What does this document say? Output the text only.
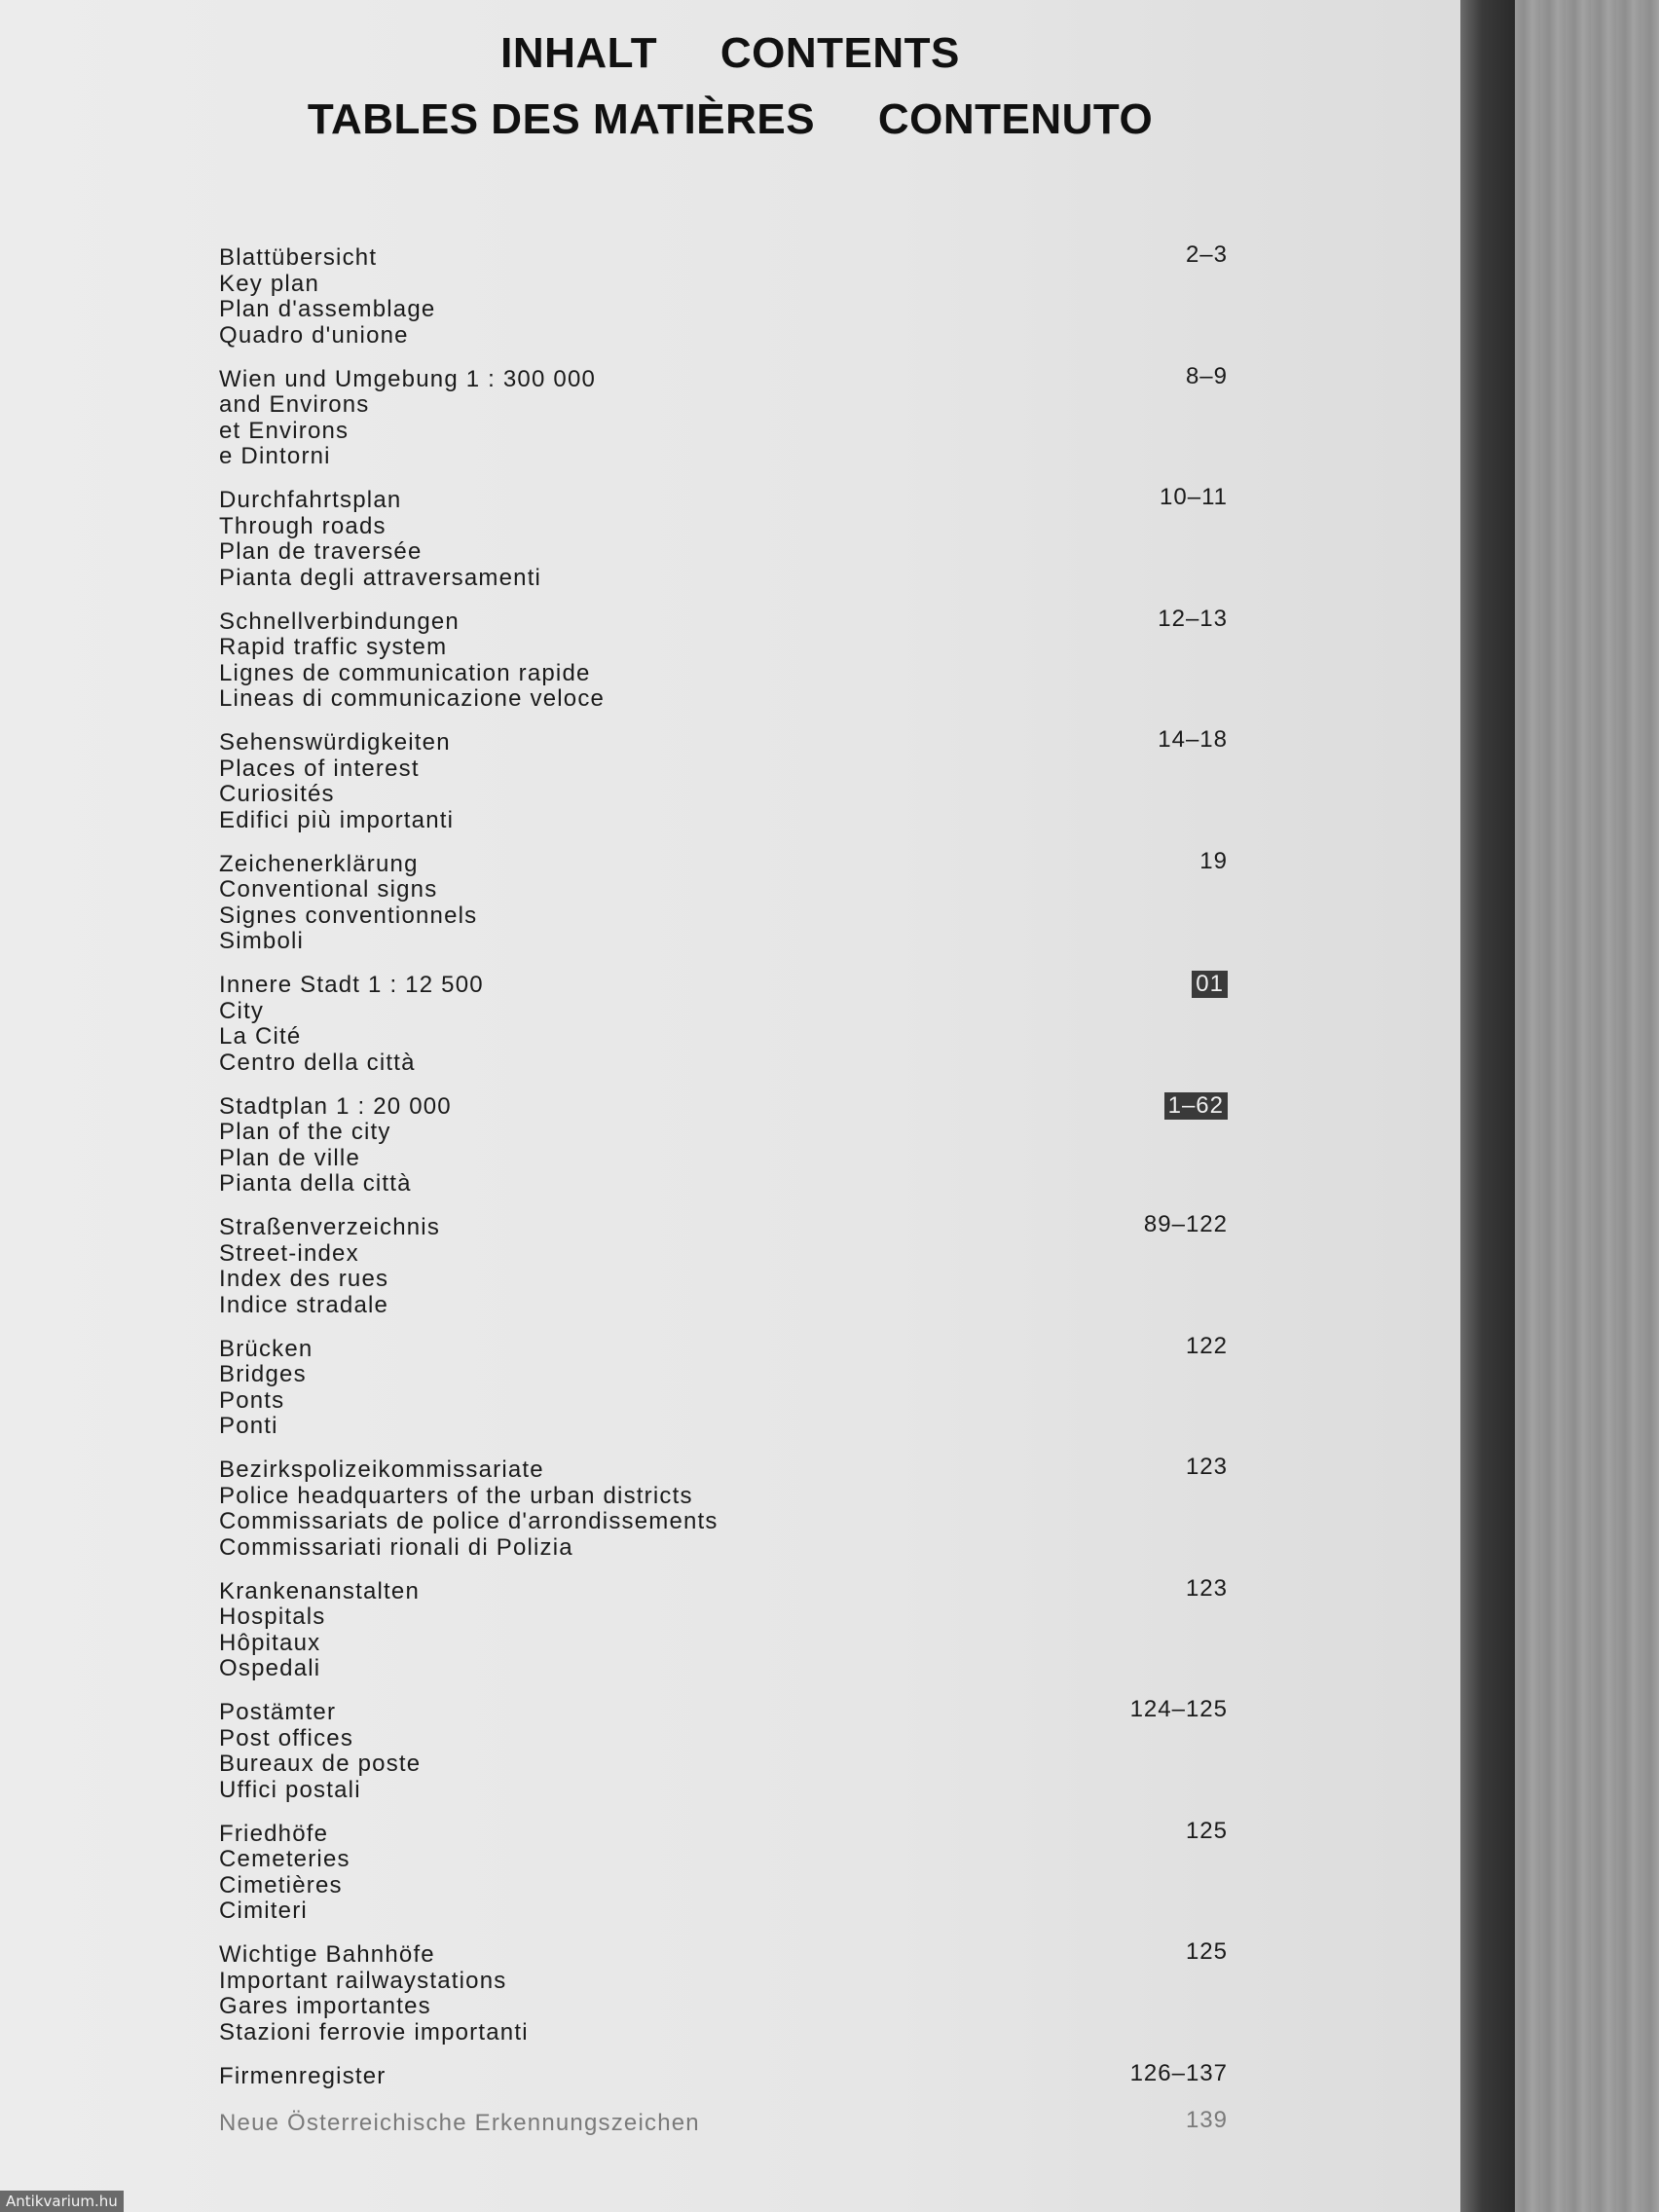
INHALT CONTENTS
TABLES DES MATIÈRES CONTENUTO
Blattübersicht
Key plan
Plan d'assemblage
Quadro d'unione
2–3
Wien und Umgebung 1 : 300 000
and Environs
et Environs
e Dintorni
8–9
Durchfahrtsplan
Through roads
Plan de traversée
Pianta degli attraversamenti
10–11
Schnellverbindungen
Rapid traffic system
Lignes de communication rapide
Lineas di communicazione veloce
12–13
Sehenswürdigkeiten
Places of interest
Curiosités
Edifici più importanti
14–18
Zeichenerklärung
Conventional signs
Signes conventionnels
Simboli
19
Innere Stadt 1 : 12 500
City
La Cité
Centro della città
01
Stadtplan 1 : 20 000
Plan of the city
Plan de ville
Pianta della città
1–62
Straßenverzeichnis
Street-index
Index des rues
Indice stradale
89–122
Brücken
Bridges
Ponts
Ponti
122
Bezirkspolizeikommissariate
Police headquarters of the urban districts
Commissariats de police d'arrondissements
Commissariati rionali di Polizia
123
Krankenanstalten
Hospitals
Hôpitaux
Ospedali
123
Postämter
Post offices
Bureaux de poste
Uffici postali
124–125
Friedhöfe
Cemeteries
Cimetières
Cimiteri
125
Wichtige Bahnhöfe
Important railwaystations
Gares importantes
Stazioni ferrovie importanti
125
Firmenregister	126–137
Neue Österreichische Erkennungszeichen	139
Antikvarium.hu
